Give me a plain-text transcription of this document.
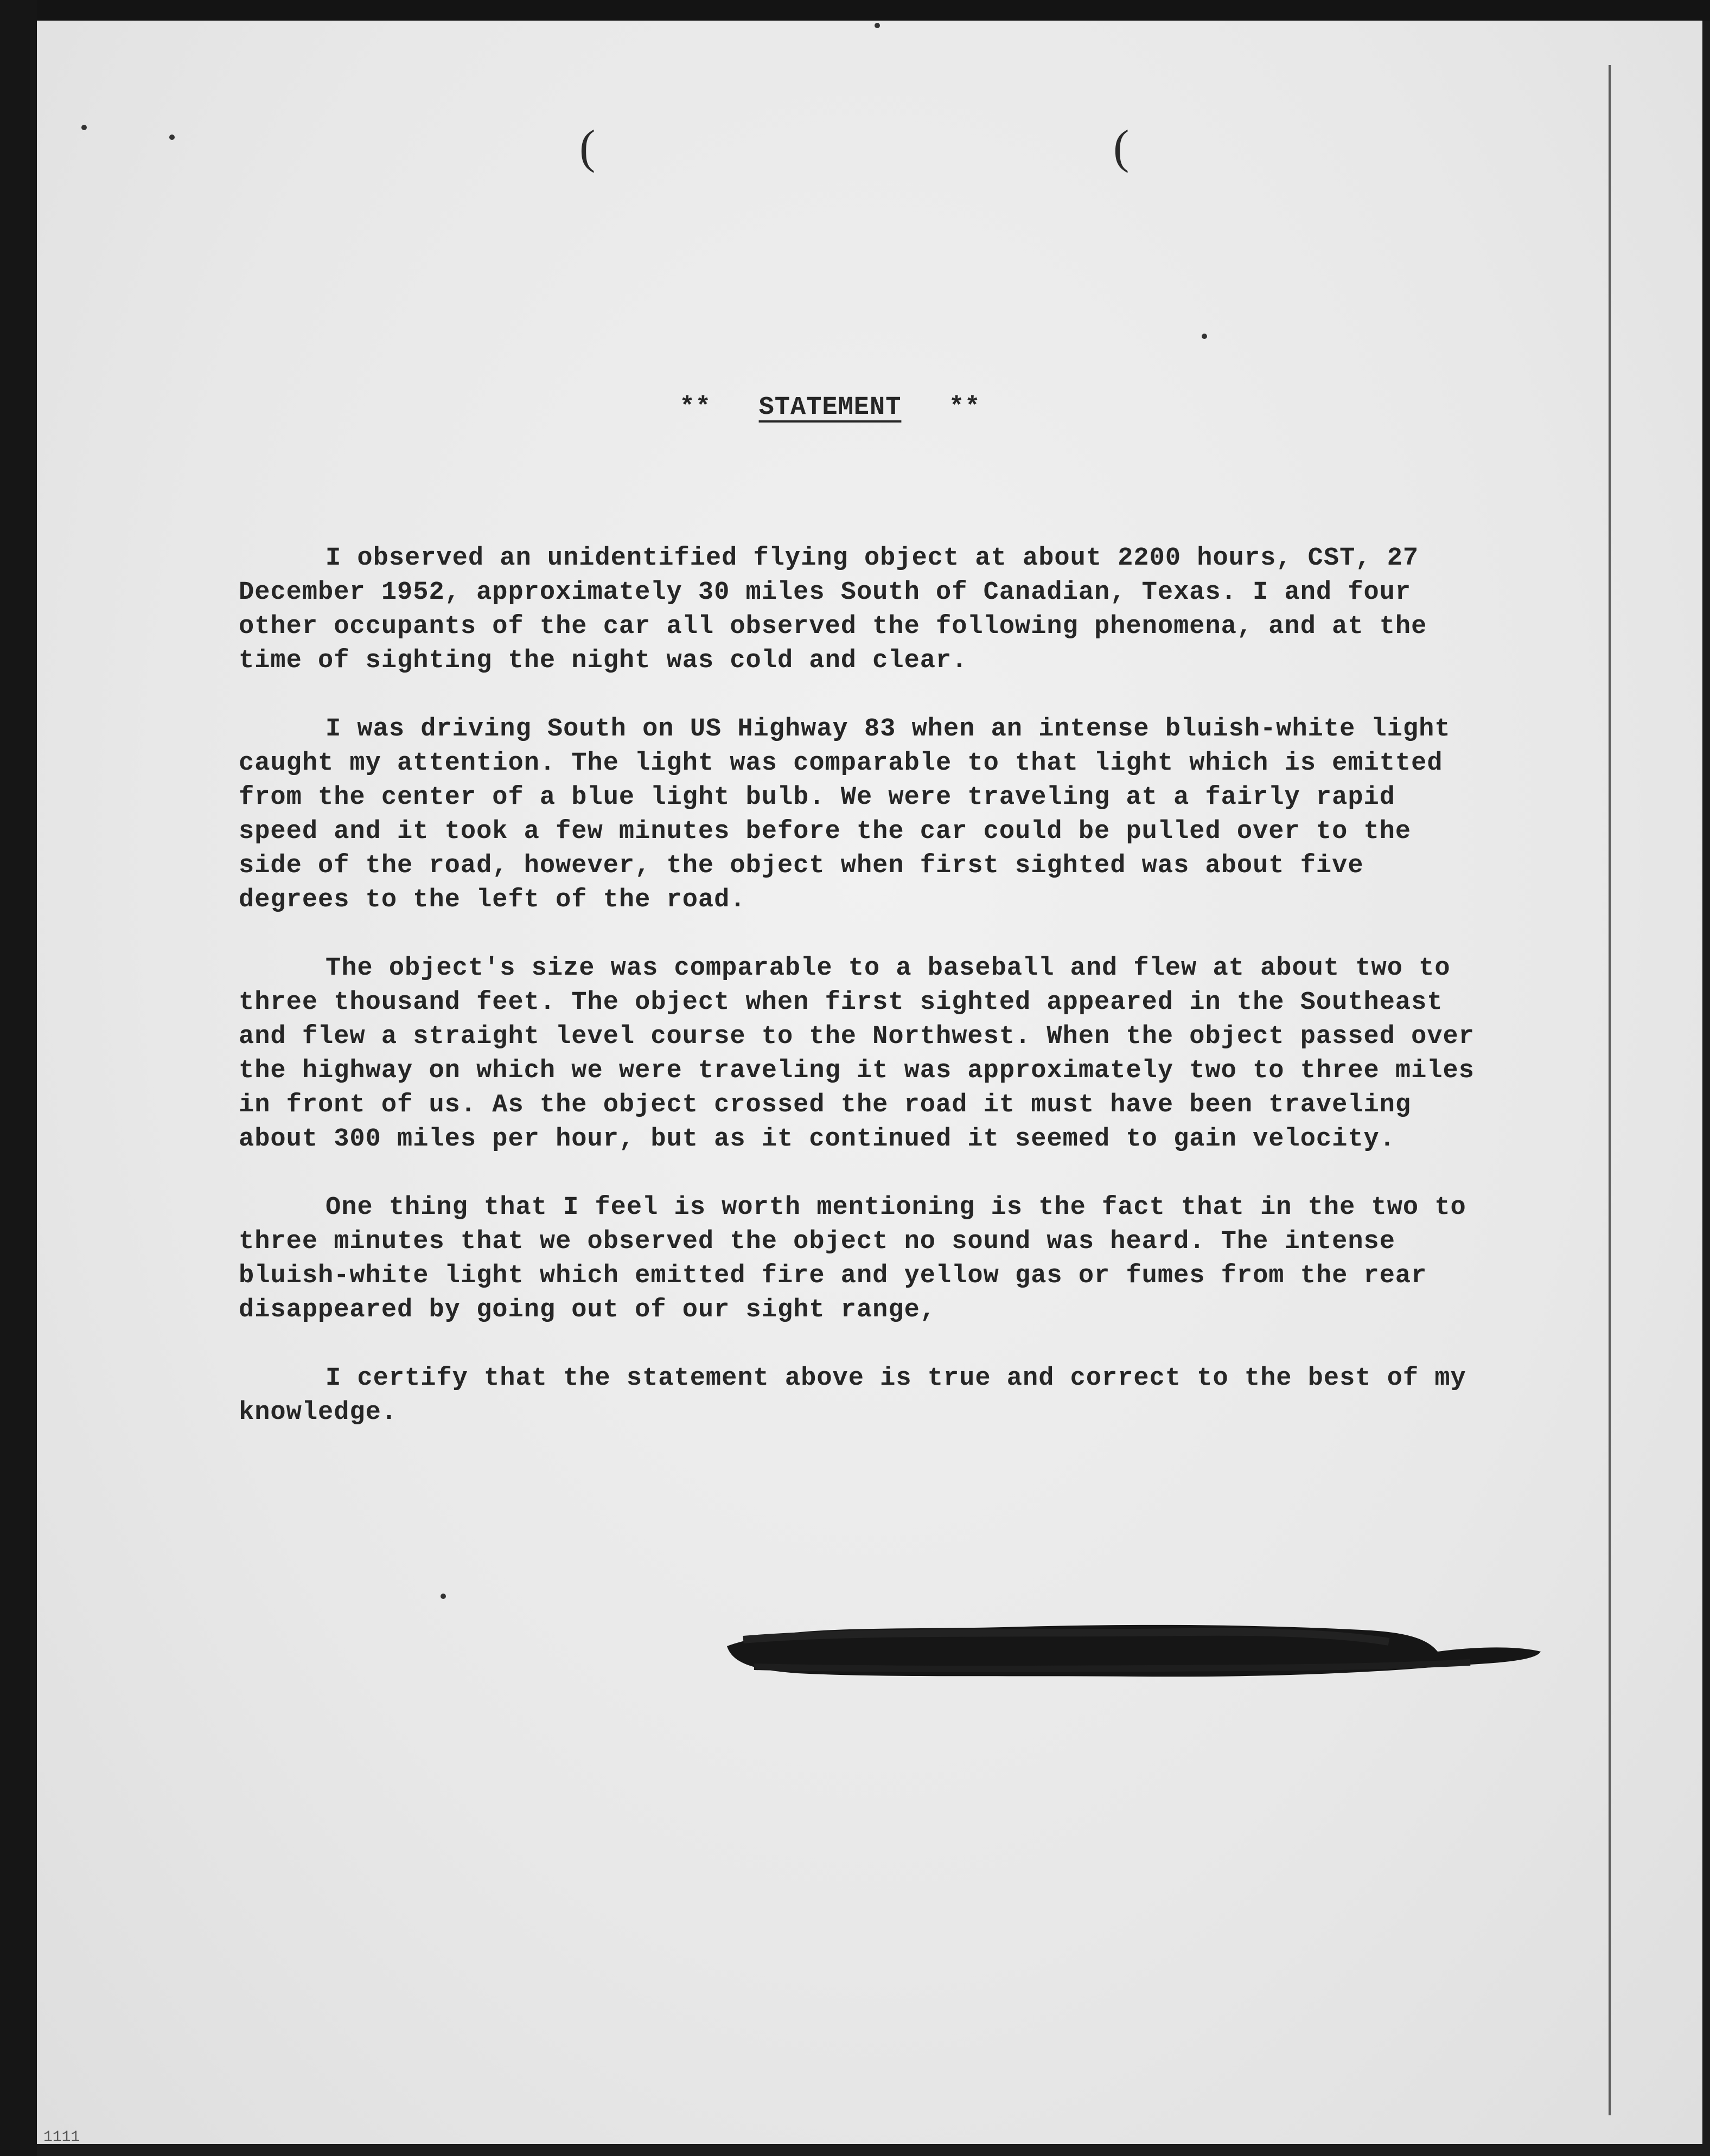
(	(
** STATEMENT **

I observed an unidentified flying object at about 2200 hours, CST, 27 December 1952, approximately 30 miles South of Canadian, Texas. I and four other occupants of the car all observed the following phenomena, and at the time of sighting the night was cold and clear.

I was driving South on US Highway 83 when an intense bluish-white light caught my attention. The light was comparable to that light which is emitted from the center of a blue light bulb. We were traveling at a fairly rapid speed and it took a few minutes before the car could be pulled over to the side of the road, however, the object when first sighted was about five degrees to the left of the road.

The object's size was comparable to a baseball and flew at about two to three thousand feet. The object when first sighted appeared in the Southeast and flew a straight level course to the Northwest. When the object passed over the highway on which we were traveling it was approximately two to three miles in front of us. As the object crossed the road it must have been traveling about 300 miles per hour, but as it continued it seemed to gain velocity.

One thing that I feel is worth mentioning is the fact that in the two to three minutes that we observed the object no sound was heard. The intense bluish-white light which emitted fire and yellow gas or fumes from the rear disappeared by going out of our sight range,

I certify that the statement above is true and correct to the best of my knowledge.

1111
